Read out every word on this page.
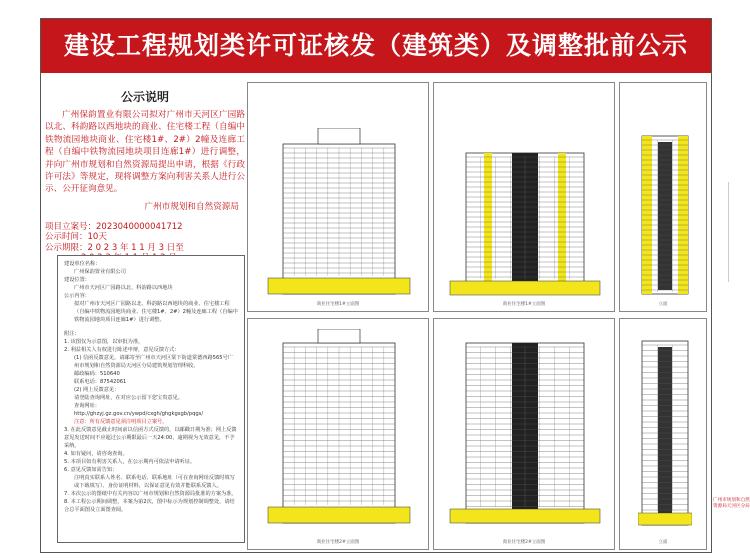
建设工程规划类许可证核发（建筑类）及调整批前公示
公示说明
广州保韵置业有限公司拟对广州市天河区广园路以北、科韵路以西地块的商业、住宅楼工程（自编中铁物流园地块商业、住宅楼1#、2#）2幢及连廊工程（自编中铁物流园地块项目连廊1#）进行调整，并向广州市规划和自然资源局提出申请，根据《行政许可法》等规定，现将调整方案向利害关系人进行公示、公开征询意见。
广州市规划和自然资源局
项目立案号：2023040000041712
公示时间：10天
公示期限：2 0 2 3 年 1 1 月 3 日至
建设单位名称：
广州保韵置业有限公司
建设位置：
广州市天河区广园路以北、科韵路以西地块
公示内容：
拟对广州市天河区广园路以北、科韵路以西地块的商业、住宅楼工程（自编中铁物流园地块商业、住宅楼1#、2#）2幢及连廊工程（自编中铁物流园地块项目连廊1#）进行调整。
附注：
1. 该图仅为示意图，以审批为准。
2. 利益相关人有权进行陈述申辩，意见反馈方式：
(1) 信函反馈意见，请邮寄至广州市天河区棠下街道棠德西路565号广州市规划和自然资源局天河区分局建筑规划管理科收。
邮政编码：510640
联系电话：87542061
(2) 网上反馈意见：
请登陆查询网址，在对应公示留下您宝贵意见。
查询网址：
http://ghzyj.gz.gov.cn/ywpd/cxgh/ghgkgsgb/pqgs/
注意：所有反馈意见须注明项目立案号。
3. 在此反馈意见截止时间前以信函方式反馈的，以邮戳日期为准；网上反馈意见发送时间不应超过公示期限最后一天24:00，逾期视为无效意见，不予采纳。
4. 如有疑问，请咨询查询。
5. 本项目如有利害关系人，在公示期内可依法申请听证。
6. 意见反馈如需告知：
注明真实联系人姓名、联系电话、联系地址（可在查询网址反馈时填写或下载填写）、身份证明材料，以保证意见有效并能联系反馈人。
7. 本次公示的图纸中有关内容以广州市规划和自然资源局批准的方案为准。
8. 本工程公示期间调整，本案为第2次，图中标示为规划控制调整处，请结合总平面图及立面图查阅。
商业住宅楼1#立面图	商业住宅楼1#立面图	立面
商业住宅楼2#立面图	商业住宅楼2#立面图	立面
广州市规划和自然资源局天河区分局
